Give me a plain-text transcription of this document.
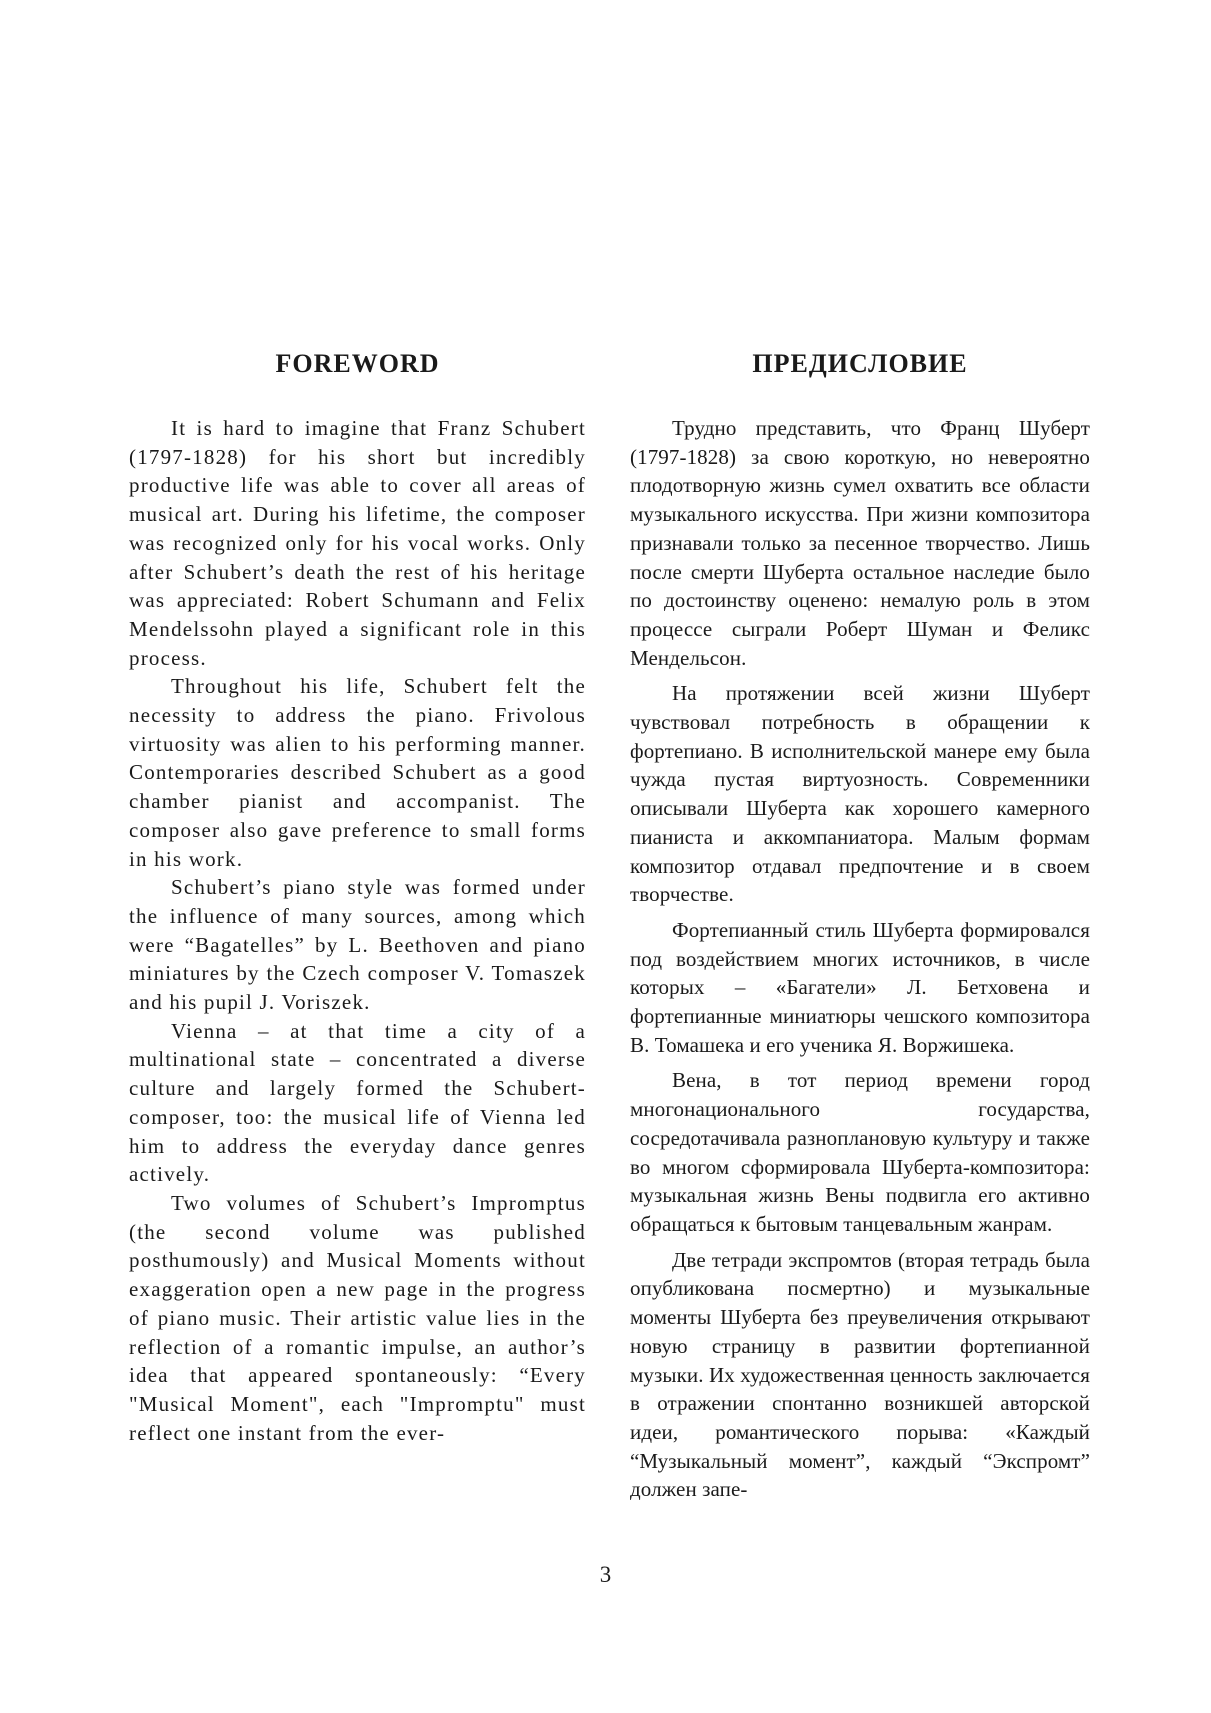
FOREWORD

It is hard to imagine that Franz Schubert (1797-1828) for his short but incredibly productive life was able to cover all areas of musical art. During his lifetime, the composer was recognized only for his vocal works. Only after Schubert’s death the rest of his heritage was appreciated: Robert Schumann and Felix Mendelssohn played a significant role in this process.

Throughout his life, Schubert felt the necessity to address the piano. Frivolous virtuosity was alien to his performing manner. Contemporaries described Schubert as a good chamber pianist and accompanist. The composer also gave preference to small forms in his work.

Schubert’s piano style was formed under the influence of many sources, among which were “Bagatelles” by L. Beethoven and piano miniatures by the Czech composer V. Tomaszek and his pupil J. Voriszek.

Vienna – at that time a city of a multinational state – concentrated a diverse culture and largely formed the Schubert-composer, too: the musical life of Vienna led him to address the everyday dance genres actively.

Two volumes of Schubert’s Impromptus (the second volume was published posthumously) and Musical Moments without exaggeration open a new page in the progress of piano music. Their artistic value lies in the reflection of a romantic impulse, an author’s idea that appeared spontaneously: “Every "Musical Moment", each "Impromptu" must reflect one instant from the ever-

ПРЕДИСЛОВИЕ

Трудно представить, что Франц Шуберт (1797-1828) за свою короткую, но невероятно плодотворную жизнь сумел охватить все области музыкального искусства. При жизни композитора признавали только за песенное творчество. Лишь после смерти Шуберта остальное наследие было по достоинству оценено: немалую роль в этом процессе сыграли Роберт Шуман и Феликс Мендельсон.

На протяжении всей жизни Шуберт чувствовал потребность в обращении к фортепиано. В исполнительской манере ему была чужда пустая виртуозность. Современники описывали Шуберта как хорошего камерного пианиста и аккомпаниатора. Малым формам композитор отдавал предпочтение и в своем творчестве.

Фортепианный стиль Шуберта формировался под воздействием многих источников, в числе которых – «Багатели» Л. Бетховена и фортепианные миниатюры чешского композитора В. Томашека и его ученика Я. Воржишека.

Вена, в тот период времени город многонационального государства, сосредотачивала разноплановую культуру и также во многом сформировала Шуберта-композитора: музыкальная жизнь Вены подвигла его активно обращаться к бытовым танцевальным жанрам.

Две тетради экспромтов (вторая тетрадь была опубликована посмертно) и музыкальные моменты Шуберта без преувеличения открывают новую страницу в развитии фортепианной музыки. Их художественная ценность заключается в отражении спонтанно возникшей авторской идеи, романтического порыва: «Каждый “Музыкальный момент”, каждый “Экспромт” должен запе-

3
